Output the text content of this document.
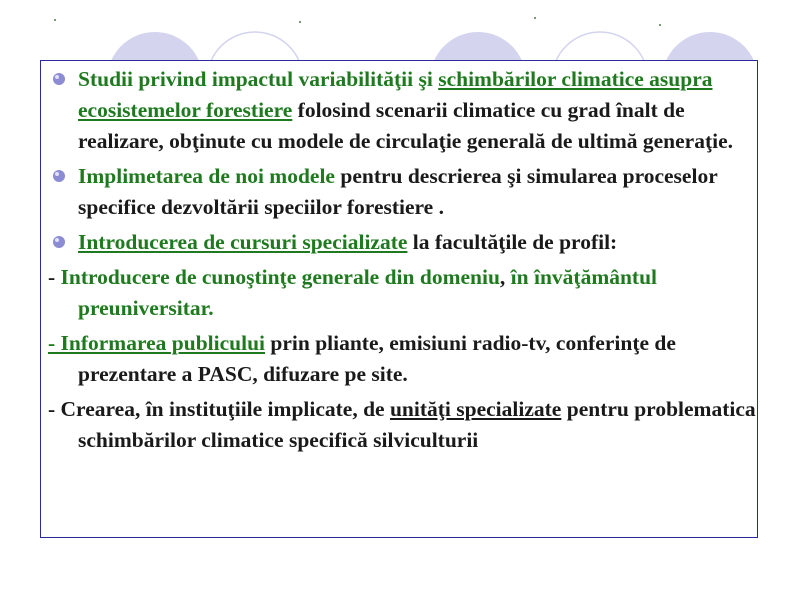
Studii privind impactul variabilităţii şi schimbărilor climatice asupra ecosistemelor forestiere folosind scenarii climatice cu grad înalt de realizare, obţinute cu modele de circulaţie generală de ultimă generaţie.
Implimetarea de noi modele pentru descrierea şi simularea proceselor specifice dezvoltării speciilor forestiere .
Introducerea de cursuri specializate la facultăţile de profil:
- Introducere de cunoştinţe generale din domeniu, în învăţământul preuniversitar.
- Informarea publicului prin pliante, emisiuni radio-tv, conferinţe de prezentare a PASC, difuzare pe site.
- Crearea, în instituţiile implicate, de unităţi specializate pentru problematica schimbărilor climatice specifică silviculturii
